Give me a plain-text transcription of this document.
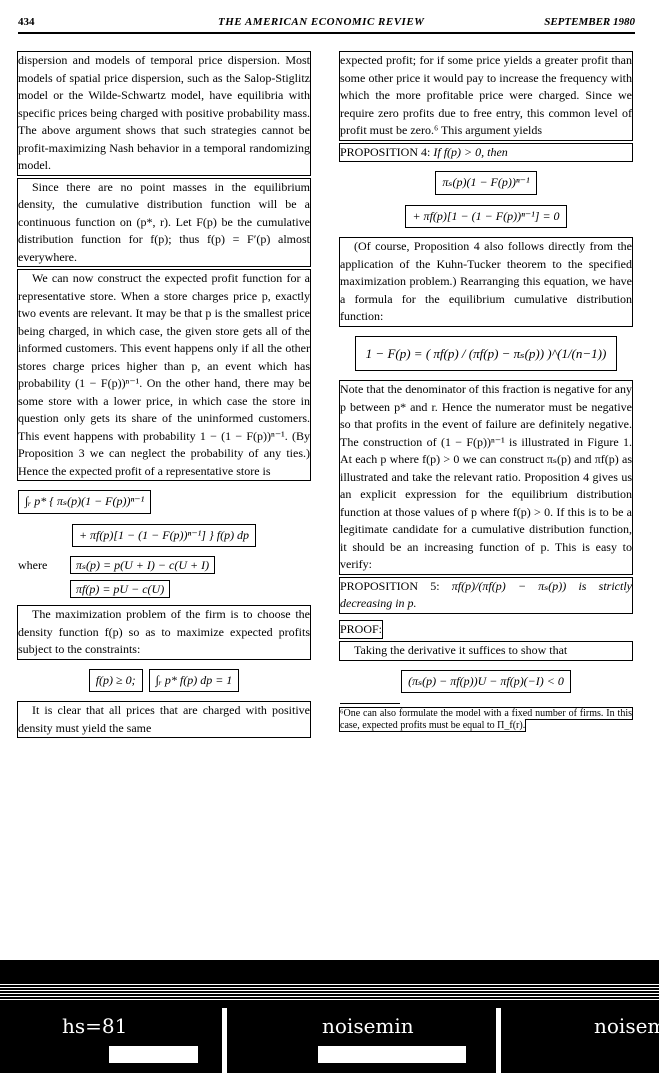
434	THE AMERICAN ECONOMIC REVIEW	SEPTEMBER 1980

dispersion and models of temporal price dispersion. Most models of spatial price dispersion, such as the Salop-Stiglitz model or the Wilde-Schwartz model, have equilibria with specific prices being charged with positive probability mass. The above argument shows that such strategies cannot be profit-maximizing Nash behavior in a temporal randomizing model.

Since there are no point masses in the equilibrium density, the cumulative distribution function will be a continuous function on (p*, r). Let F(p) be the cumulative distribution function for f(p); thus f(p) = F′(p) almost everywhere.

We can now construct the expected profit function for a representative store. When a store charges price p, exactly two events are relevant. It may be that p is the smallest price being charged, in which case, the given store gets all of the informed customers. This event happens only if all the other stores charge prices higher than p, an event which has probability (1 − F(p))ⁿ⁻¹. On the other hand, there may be some store with a lower price, in which case the store in question only gets its share of the uninformed customers. This event happens with probability 1 − (1 − F(p))ⁿ⁻¹. (By Proposition 3 we can neglect the probability of any ties.) Hence the expected profit of a representative store is

∫ᵣ p* { πₛ(p)(1 − F(p))ⁿ⁻¹
+ πf(p)[1 − (1 − F(p))ⁿ⁻¹] } f(p) dp
where πₛ(p) = p(U + I) − c(U + I)
πf(p) = pU − c(U)

The maximization problem of the firm is to choose the density function f(p) so as to maximize expected profits subject to the constraints:

f(p) ≥ 0; ∫ᵣ p* f(p) dp = 1

It is clear that all prices that are charged with positive density must yield the same

expected profit; for if some price yields a greater profit than some other price it would pay to increase the frequency with which the more profitable price were charged. Since we require zero profits due to free entry, this common level of profit must be zero.⁶ This argument yields

PROPOSITION 4: If f(p) > 0, then

πₛ(p)(1 − F(p))ⁿ⁻¹
+ πf(p)[1 − (1 − F(p))ⁿ⁻¹] = 0

(Of course, Proposition 4 also follows directly from the application of the Kuhn-Tucker theorem to the specified maximization problem.) Rearranging this equation, we have a formula for the equilibrium cumulative distribution function:

1 − F(p) = ( πf(p) / (πf(p) − πₛ(p)) )^(1/(n−1))

Note that the denominator of this fraction is negative for any p between p* and r. Hence the numerator must be negative so that profits in the event of failure are definitely negative. The construction of (1 − F(p))ⁿ⁻¹ is illustrated in Figure 1. At each p where f(p) > 0 we can construct πₛ(p) and πf(p) as illustrated and take the relevant ratio. Proposition 4 gives us an explicit expression for the equilibrium distribution function at those values of p where f(p) > 0. If this is to be a legitimate candidate for a cumulative distribution function, it should be an increasing function of p. This is easy to verify:

PROPOSITION 5: πf(p)/(πf(p) − πₛ(p)) is strictly decreasing in p.

PROOF:

Taking the derivative it suffices to show that

(πₛ(p) − πf(p))U − πf(p)(−I) < 0
⁶One can also formulate the model with a fixed number of firms. In this case, expected profits must be equal to Π_f(r).
hs=81	noisemin	noisem
